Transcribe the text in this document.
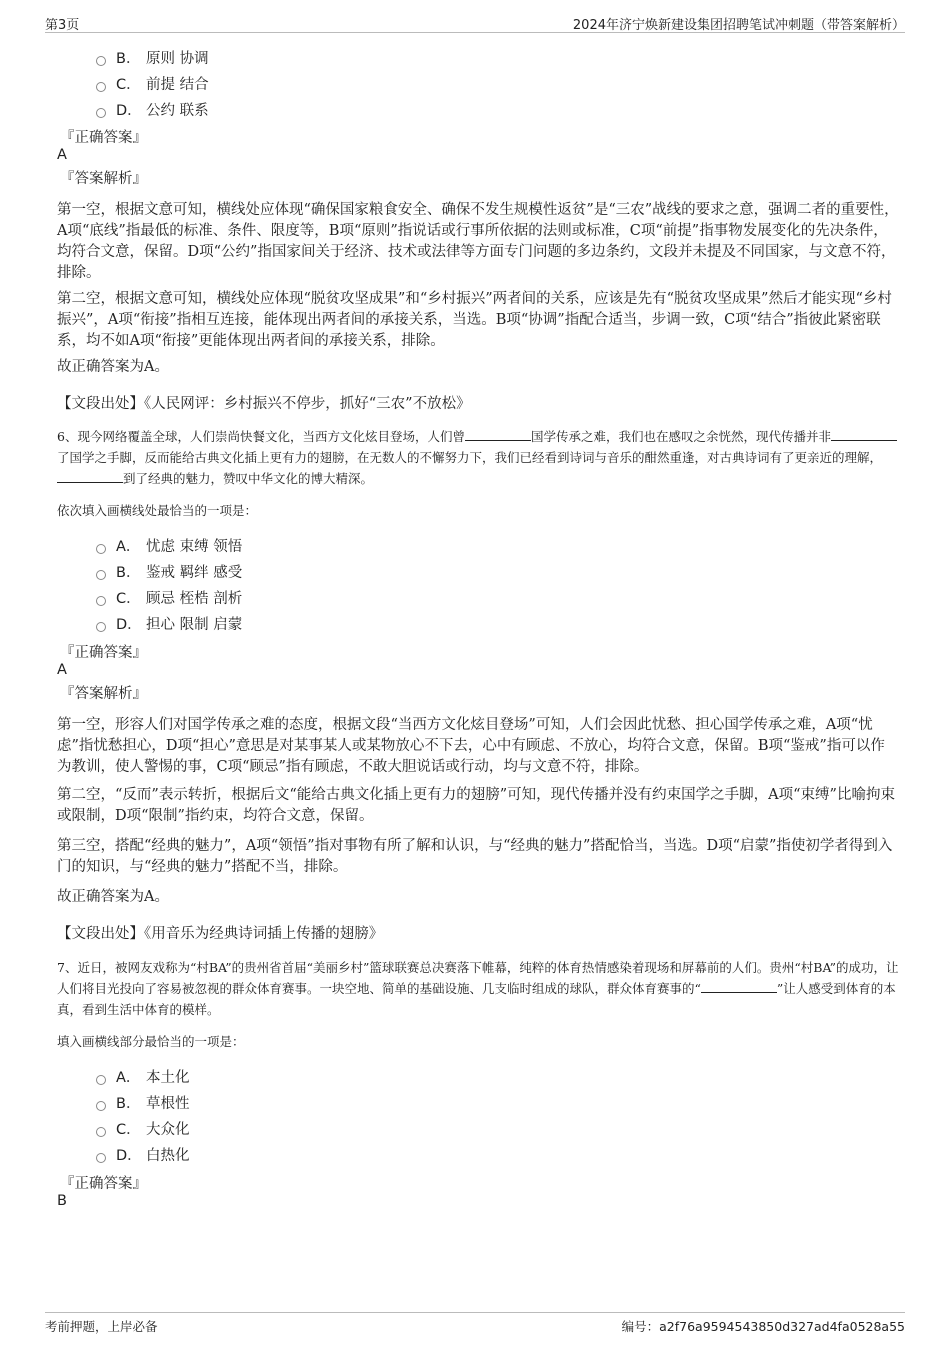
第3页	2024年济宁焕新建设集团招聘笔试冲刺题（带答案解析）
B． 原则 协调
C． 前提 结合
D． 公约 联系
『正确答案』
A
『答案解析』
第一空，根据文意可知，横线处应体现“确保国家粮食安全、确保不发生规模性返贫”是“三农”战线的要求之意，强调二者的重要性，A项“底线”指最低的标准、条件、限度等，B项“原则”指说话或行事所依据的法则或标准，C项“前提”指事物发展变化的先决条件，均符合文意，保留。D项“公约”指国家间关于经济、技术或法律等方面专门问题的多边条约，文段并未提及不同国家，与文意不符，排除。
第二空，根据文意可知，横线处应体现“脱贫攻坚成果”和“乡村振兴”两者间的关系，应该是先有“脱贫攻坚成果”然后才能实现“乡村振兴”，A项“衔接”指相互连接，能体现出两者间的承接关系，当选。B项“协调”指配合适当，步调一致，C项“结合”指彼此紧密联系，均不如A项“衔接”更能体现出两者间的承接关系，排除。
故正确答案为A。
【文段出处】《人民网评：乡村振兴不停步，抓好“三农”不放松》
6、现今网络覆盖全球，人们崇尚快餐文化，当西方文化炫目登场，人们曾	国学传承之难，我们也在感叹之余恍然，现代传播并非了国学之手脚，反而能给古典文化插上更有力的翅膀，在无数人的不懈努力下，我们已经看到诗词与音乐的酣然重逢，对古典诗词有了更亲近的理解，到了经典的魅力，赞叹中华文化的博大精深。
依次填入画横线处最恰当的一项是：
A． 忧虑 束缚 领悟
B． 鉴戒 羁绊 感受
C． 顾忌 桎梏 剖析
D． 担心 限制 启蒙
『正确答案』
A
『答案解析』
第一空，形容人们对国学传承之难的态度，根据文段“当西方文化炫目登场”可知，人们会因此忧愁、担心国学传承之难，A项“忧虑”指忧愁担心，D项“担心”意思是对某事某人或某物放心不下去，心中有顾虑、不放心，均符合文意，保留。B项“鉴戒”指可以作为教训，使人警惕的事，C项“顾忌”指有顾虑，不敢大胆说话或行动，均与文意不符，排除。
第二空，“反而”表示转折，根据后文“能给古典文化插上更有力的翅膀”可知，现代传播并没有约束国学之手脚，A项“束缚”比喻拘束或限制，D项“限制”指约束，均符合文意，保留。
第三空，搭配“经典的魅力”，A项“领悟”指对事物有所了解和认识，与“经典的魅力”搭配恰当，当选。D项“启蒙”指使初学者得到入门的知识，与“经典的魅力”搭配不当，排除。
故正确答案为A。
【文段出处】《用音乐为经典诗词插上传播的翅膀》
7、近日，被网友戏称为“村BA”的贵州省首届“美丽乡村”篮球联赛总决赛落下帷幕，纯粹的体育热情感染着现场和屏幕前的人们。贵州“村BA”的成功，让人们将目光投向了容易被忽视的群众体育赛事。一块空地、简单的基础设施、几支临时组成的球队，群众体育赛事的“	”让人感受到体育的本真，看到生活中体育的模样。
填入画横线部分最恰当的一项是：
A． 本土化
B． 草根性
C． 大众化
D． 白热化
『正确答案』
B
考前押题，上岸必备	编号：a2f76a9594543850d327ad4fa0528a55
